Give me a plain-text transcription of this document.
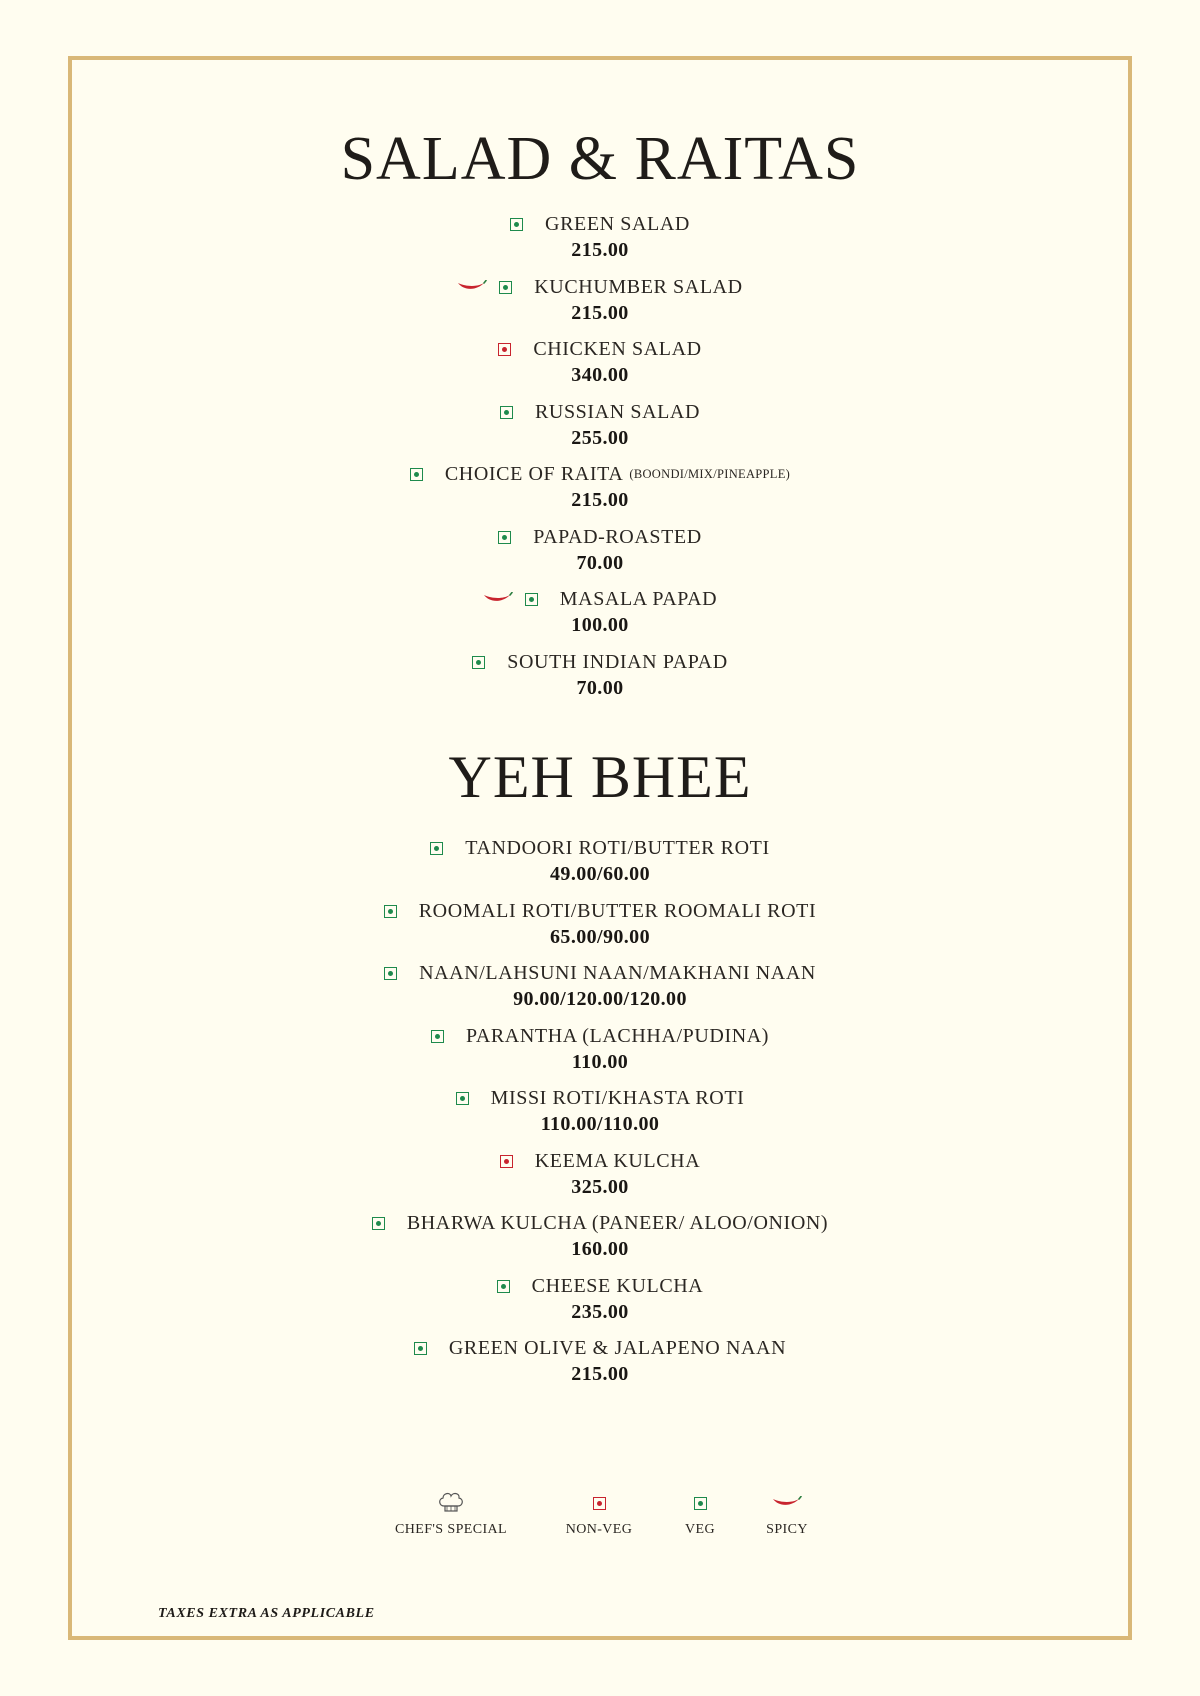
SALAD & RAITAS
YEH BHEE
GREEN SALAD
215.00
KUCHUMBER SALAD
215.00
CHICKEN SALAD
340.00
RUSSIAN SALAD
255.00
CHOICE OF RAITA (BOONDI/MIX/PINEAPPLE)
215.00
PAPAD-ROASTED
70.00
MASALA PAPAD
100.00
SOUTH INDIAN PAPAD
70.00
TANDOORI ROTI/BUTTER ROTI
49.00/60.00
ROOMALI ROTI/BUTTER ROOMALI ROTI
65.00/90.00
NAAN/LAHSUNI NAAN/MAKHANI NAAN
90.00/120.00/120.00
PARANTHA (LACHHA/PUDINA)
110.00
MISSI ROTI/KHASTA ROTI
110.00/110.00
KEEMA KULCHA
325.00
BHARWA KULCHA (PANEER/ ALOO/ONION)
160.00
CHEESE KULCHA
235.00
GREEN OLIVE & JALAPENO NAAN
215.00
CHEF'S SPECIAL	NON-VEG	VEG	SPICY
TAXES EXTRA AS APPLICABLE
